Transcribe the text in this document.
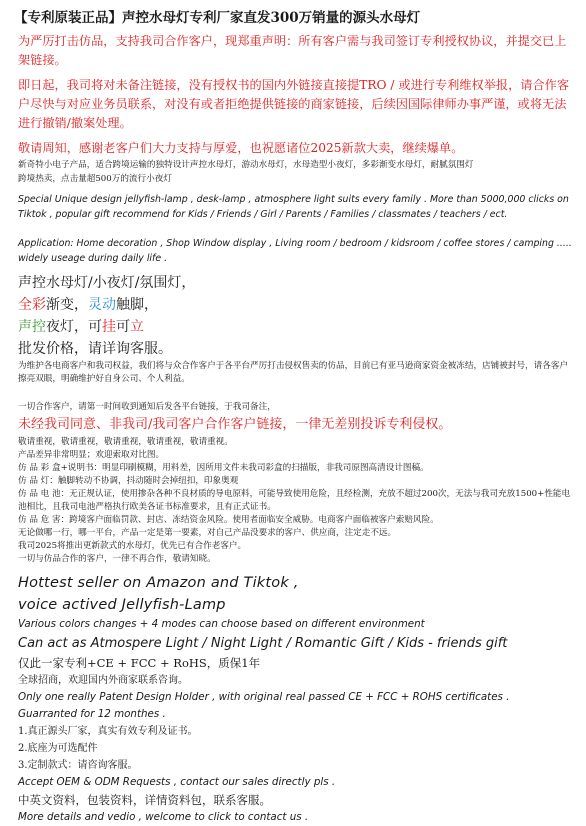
【专利原装正品】声控水母灯专利厂家直发300万销量的源头水母灯
为严厉打击仿品，支持我司合作客户，现郑重声明：所有客户需与我司签订专利授权协议，并提交已上架链接。
即日起，我司将对未备注链接，没有授权书的国内外链接直接提TRO / 或进行专利维权举报，请合作客户尽快与对应业务员联系，对没有或者拒绝提供链接的商家链接，后续因国际律师办事严谨，或将无法进行撤销/撤案处理。
敬请周知，感谢老客户们大力支持与厚爱，也祝愿诸位2025新款大卖，继续爆单。
新奇特小电子产品，适合跨境运输的独特设计声控水母灯，游动水母灯，水母造型小夜灯，多彩渐变水母灯，耐腻氛围灯
跨境热卖，点击量超500万的流行小夜灯
Special Unique design jellyfish-lamp , desk-lamp , atmosphere light suits every family . More than 5000,000 clicks on Tiktok , popular gift recommend for Kids / Friends / Girl / Parents / Families / classmates / teachers / ect.
Application: Home decoration , Shop Window display , Living room / bedroom / kidsroom / coffee stores / camping ..... widely useage during daily life .
声控水母灯/小夜灯/氛围灯，
全彩渐变，灵动触脚，
声控夜灯，可挂可立
批发价格，请详询客服。
为维护各电商客户和我司权益，我们将与众合作客户于各平台严厉打击侵权售卖的仿品，目前已有亚马逊商家资金被冻结，店铺被封号，请各客户擦亮双眼，明确维护好自身公司、个人利益。
一切合作客户，请第一时间收到通知后发各平台链接，于我司备注，
未经我司同意、非我司/我司客户合作客户链接，一律无差别投诉专利侵权。
敬请重视，敬请重视，敬请重视，敬请重视，敬请重视。
产品差异非常明显；欢迎索取对比图。
仿 品 彩 盒+说明书：明显印刷模糊，用料差，因所用文件未我司彩盒的扫描版，非我司原图高清设计图稿。
仿 品 灯：触脚转动不协调，抖动随时会掉纽扣，印象奥观
仿 品 电 池：无正规认证，使用掺杂各种不良材质的导电原料，可能导致使用危险，且经检测，充放不超过200次，无法与我司充放1500+性能电池相比，且我司电池严格执行欧美各证书标准要求，且有正式证书。
仿 品 危 害：跨境客户面临罚款、封店、冻结资金风险。使用者面临安全威胁。电商客户面临被客户索赔风险。
无论做哪一行，哪一平台，产品一定是第一要素，对自己产品没要求的客户、供应商，注定走不远。
我司2025将推出更新款式的水母灯，优先已有合作老客户。
一切与仿品合作的客户，一律不再合作，敬请知晓。
Hottest seller on Amazon and Tiktok ,
voice actived Jellyfish-Lamp
Various colors changes + 4 modes can choose based on different environment
Can act as Atmospere Light / Night Light / Romantic Gift / Kids - friends gift
仅此一家专利+CE + FCC + RoHS，质保1年
全球招商，欢迎国内外商家联系咨询。
Only one really Patent Design Holder , with original real passed CE + FCC + ROHS certificates .
Guarranted for 12 monthes .
1.真正源头厂家，真实有效专利及证书。
2.底座为可选配件
3.定制款式：请咨询客服。
Accept OEM & ODM Requests , contact our sales directly pls .
中英文资料，包装资料，详情资料包，联系客服。
More details and vedio , welcome to click to contact us .
